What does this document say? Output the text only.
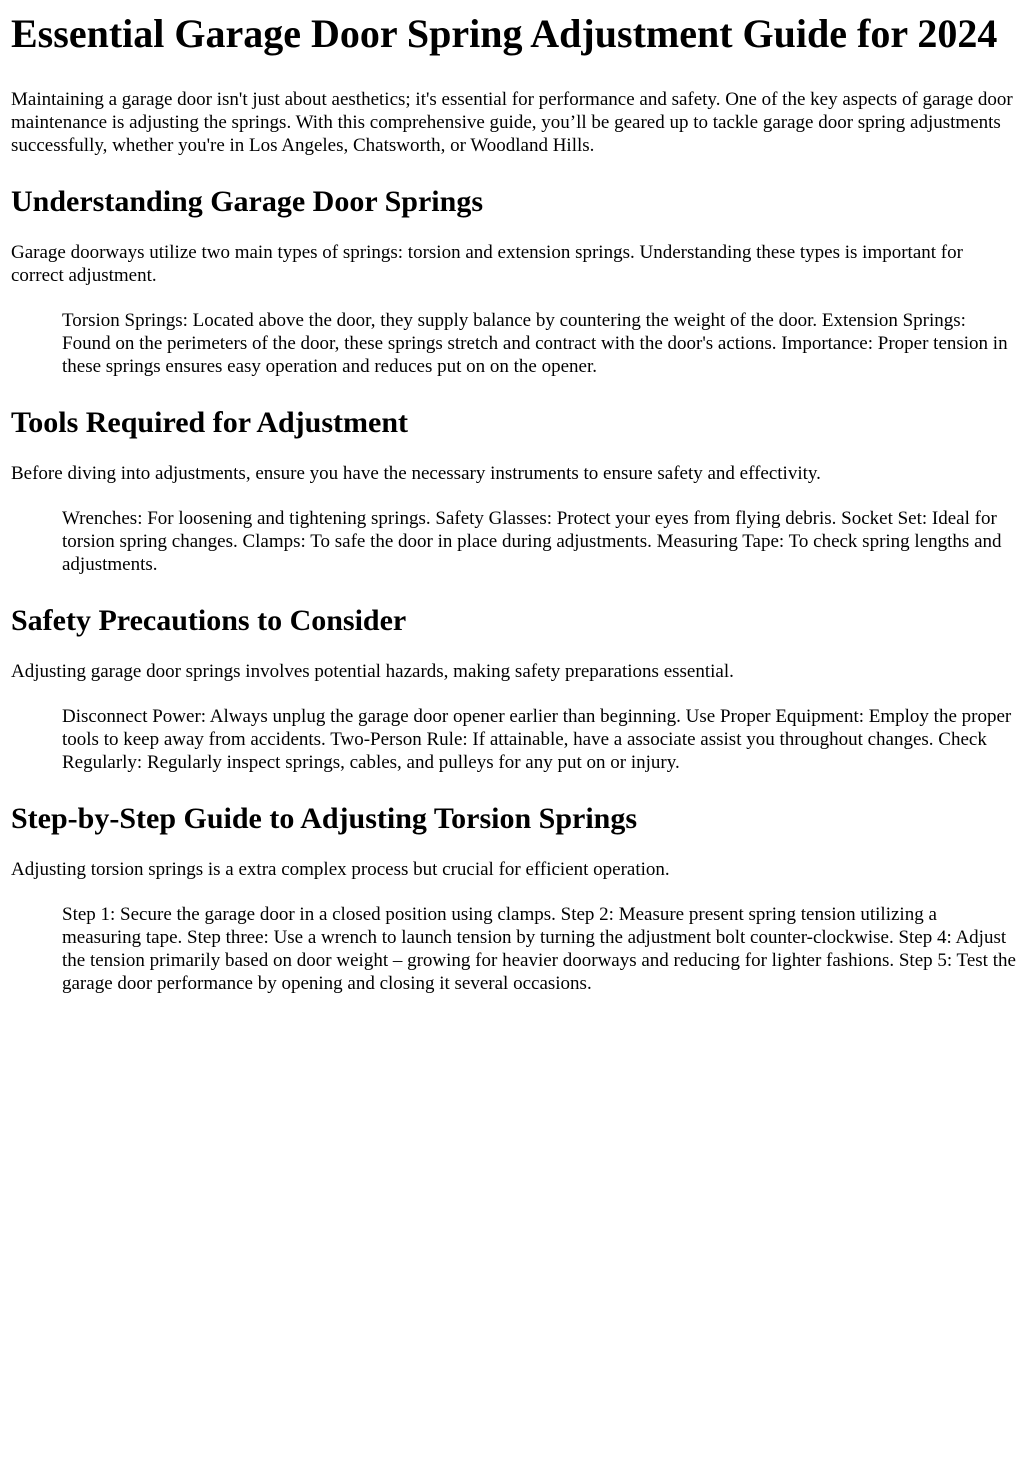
Essential Garage Door Spring Adjustment Guide for 2024

Maintaining a garage door isn't just about aesthetics; it's essential for performance and safety. One of the key aspects of garage door maintenance is adjusting the springs. With this comprehensive guide, you’ll be geared up to tackle garage door spring adjustments successfully, whether you're in Los Angeles, Chatsworth, or Woodland Hills.

Understanding Garage Door Springs

Garage doorways utilize two main types of springs: torsion and extension springs. Understanding these types is important for correct adjustment.

Torsion Springs: Located above the door, they supply balance by countering the weight of the door. Extension Springs: Found on the perimeters of the door, these springs stretch and contract with the door's actions. Importance: Proper tension in these springs ensures easy operation and reduces put on on the opener.
Tools Required for Adjustment

Before diving into adjustments, ensure you have the necessary instruments to ensure safety and effectivity.

Wrenches: For loosening and tightening springs. Safety Glasses: Protect your eyes from flying debris. Socket Set: Ideal for torsion spring changes. Clamps: To safe the door in place during adjustments. Measuring Tape: To check spring lengths and adjustments.
Safety Precautions to Consider

Adjusting garage door springs involves potential hazards, making safety preparations essential.

Disconnect Power: Always unplug the garage door opener earlier than beginning. Use Proper Equipment: Employ the proper tools to keep away from accidents. Two-Person Rule: If attainable, have a associate assist you throughout changes. Check Regularly: Regularly inspect springs, cables, and pulleys for any put on or injury.
Step-by-Step Guide to Adjusting Torsion Springs

Adjusting torsion springs is a extra complex process but crucial for efficient operation.

Step 1: Secure the garage door in a closed position using clamps. Step 2: Measure present spring tension utilizing a measuring tape. Step three: Use a wrench to launch tension by turning the adjustment bolt counter-clockwise. Step 4: Adjust the tension primarily based on door weight – growing for heavier doorways and reducing for lighter fashions. Step 5: Test the garage door performance by opening and closing it several occasions.
